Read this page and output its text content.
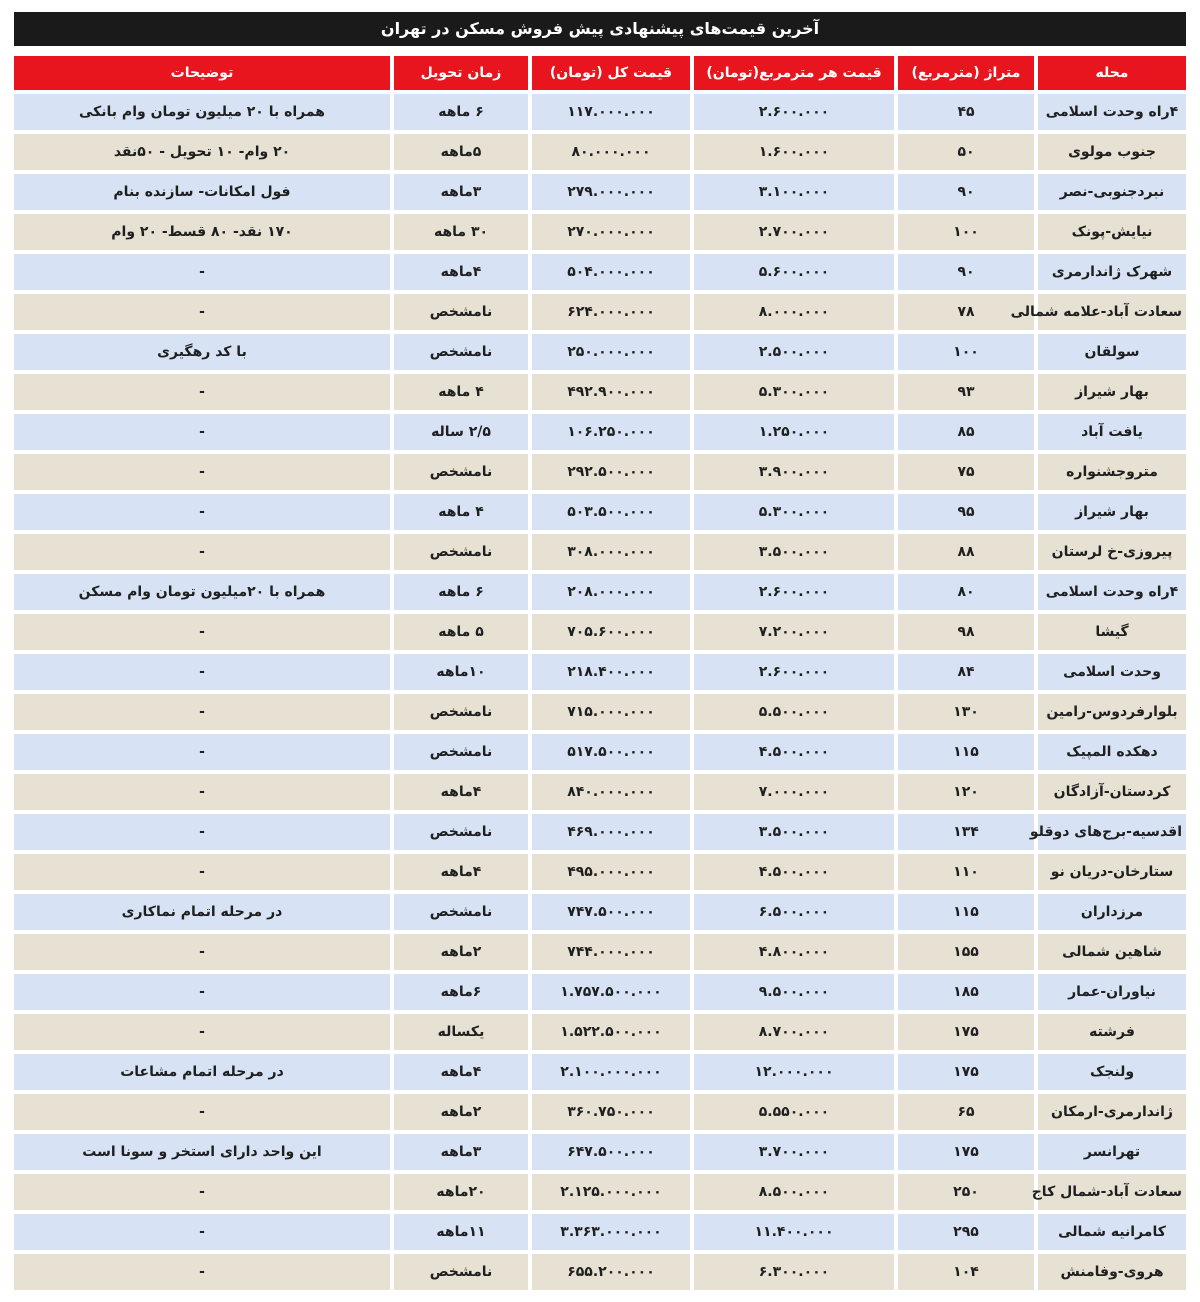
آخرین قیمت‌های پیشنهادی پیش فروش مسکن در تهران
محله	متراژ (مترمربع)	قیمت هر مترمربع(تومان)	قیمت کل (تومان)	زمان تحویل	توضیحات
۴راه وحدت اسلامی	۴۵	۲.۶۰۰.۰۰۰	۱۱۷.۰۰۰.۰۰۰	۶ ماهه	همراه با ۲۰ میلیون تومان وام بانکی
جنوب مولوی	۵۰	۱.۶۰۰.۰۰۰	۸۰.۰۰۰.۰۰۰	۵ماهه	۲۰ وام- ۱۰ تحویل - ۵۰نقد
نبردجنوبی-نصر	۹۰	۳.۱۰۰.۰۰۰	۲۷۹.۰۰۰.۰۰۰	۳ماهه	فول امکانات- سازنده بنام
نیایش-پونک	۱۰۰	۲.۷۰۰.۰۰۰	۲۷۰.۰۰۰.۰۰۰	۳۰ ماهه	۱۷۰ نقد- ۸۰ قسط- ۲۰ وام
شهرک ژاندارمری	۹۰	۵.۶۰۰.۰۰۰	۵۰۴.۰۰۰.۰۰۰	۴ماهه	-
سعادت آباد-علامه شمالی	۷۸	۸.۰۰۰.۰۰۰	۶۲۴.۰۰۰.۰۰۰	نامشخص	-
سولقان	۱۰۰	۲.۵۰۰.۰۰۰	۲۵۰.۰۰۰.۰۰۰	نامشخص	با کد رهگیری
بهار شیراز	۹۳	۵.۳۰۰.۰۰۰	۴۹۲.۹۰۰.۰۰۰	۴ ماهه	-
یافت آباد	۸۵	۱.۲۵۰.۰۰۰	۱۰۶.۲۵۰.۰۰۰	۲/۵ ساله	-
متروجشنواره	۷۵	۳.۹۰۰.۰۰۰	۲۹۲.۵۰۰.۰۰۰	نامشخص	-
بهار شیراز	۹۵	۵.۳۰۰.۰۰۰	۵۰۳.۵۰۰.۰۰۰	۴ ماهه	-
پیروزی-خ لرستان	۸۸	۳.۵۰۰.۰۰۰	۳۰۸.۰۰۰.۰۰۰	نامشخص	-
۴راه وحدت اسلامی	۸۰	۲.۶۰۰.۰۰۰	۲۰۸.۰۰۰.۰۰۰	۶ ماهه	همراه با ۲۰میلیون تومان وام مسکن
گیشا	۹۸	۷.۲۰۰.۰۰۰	۷۰۵.۶۰۰.۰۰۰	۵ ماهه	-
وحدت اسلامی	۸۴	۲.۶۰۰.۰۰۰	۲۱۸.۴۰۰.۰۰۰	۱۰ماهه	-
بلوارفردوس-رامین	۱۳۰	۵.۵۰۰.۰۰۰	۷۱۵.۰۰۰.۰۰۰	نامشخص	-
دهکده المپیک	۱۱۵	۴.۵۰۰.۰۰۰	۵۱۷.۵۰۰.۰۰۰	نامشخص	-
کردستان-آزادگان	۱۲۰	۷.۰۰۰.۰۰۰	۸۴۰.۰۰۰.۰۰۰	۴ماهه	-
اقدسیه-برج‌های دوقلو	۱۳۴	۳.۵۰۰.۰۰۰	۴۶۹.۰۰۰.۰۰۰	نامشخص	-
ستارخان-دریان نو	۱۱۰	۴.۵۰۰.۰۰۰	۴۹۵.۰۰۰.۰۰۰	۴ماهه	-
مرزداران	۱۱۵	۶.۵۰۰.۰۰۰	۷۴۷.۵۰۰.۰۰۰	نامشخص	در مرحله اتمام نماکاری
شاهین شمالی	۱۵۵	۴.۸۰۰.۰۰۰	۷۴۴.۰۰۰.۰۰۰	۲ماهه	-
نیاوران-عمار	۱۸۵	۹.۵۰۰.۰۰۰	۱.۷۵۷.۵۰۰.۰۰۰	۶ماهه	-
فرشته	۱۷۵	۸.۷۰۰.۰۰۰	۱.۵۲۲.۵۰۰.۰۰۰	یکساله	-
ولنجک	۱۷۵	۱۲.۰۰۰.۰۰۰	۲.۱۰۰.۰۰۰.۰۰۰	۴ماهه	در مرحله اتمام مشاعات
ژاندارمری-ارمکان	۶۵	۵.۵۵۰.۰۰۰	۳۶۰.۷۵۰.۰۰۰	۲ماهه	-
تهرانسر	۱۷۵	۳.۷۰۰.۰۰۰	۶۴۷.۵۰۰.۰۰۰	۳ماهه	این واحد دارای استخر و سونا است
سعادت آباد-شمال کاج	۲۵۰	۸.۵۰۰.۰۰۰	۲.۱۲۵.۰۰۰.۰۰۰	۲۰ماهه	-
کامرانیه شمالی	۲۹۵	۱۱.۴۰۰.۰۰۰	۳.۳۶۳.۰۰۰.۰۰۰	۱۱ماهه	-
هروی-وفامنش	۱۰۴	۶.۳۰۰.۰۰۰	۶۵۵.۲۰۰.۰۰۰	نامشخص	-
